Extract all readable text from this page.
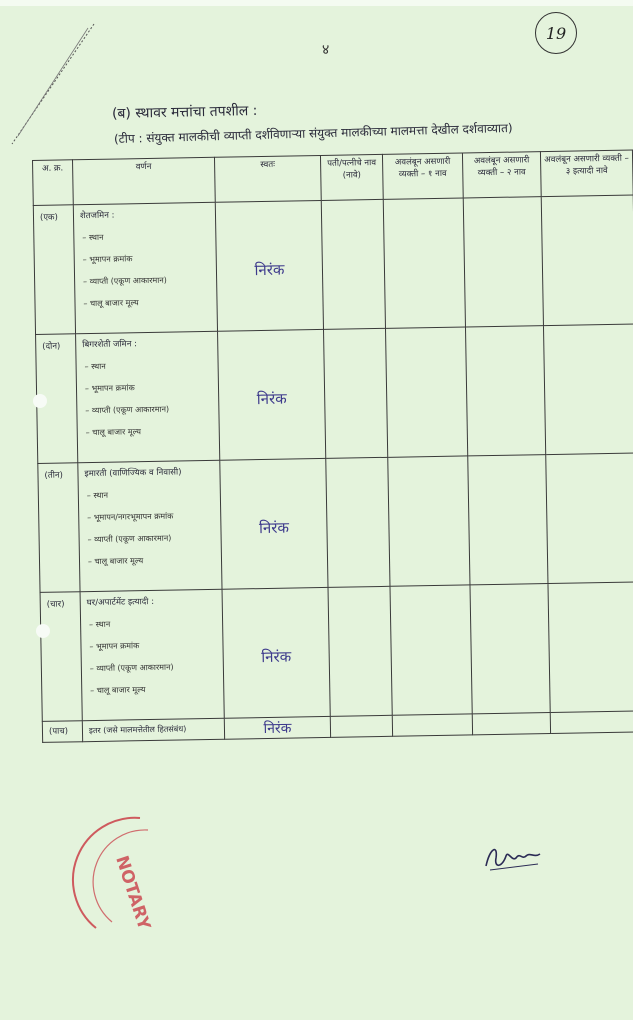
४
19
(ब) स्थावर मत्तांचा तपशील :
(टीप : संयुक्त मालकीची व्याप्ती दर्शविणाऱ्या संयुक्त मालकीच्या मालमत्ता देखील दर्शवाव्यात)
अ. क्र.	वर्णन	स्वतः	पती/पत्नीचे नाव (नावे)	अवलंबून असणारी व्यक्ती – १ नाव	अवलंबून असणारी व्यक्ती – २ नाव	अवलंबून असणारी व्यक्ती – ३ इत्यादी नावे

(एक)	शेतजमिन :
– स्थान
– भूमापन क्रमांक
– व्याप्ती (एकूण आकारमान)
– चालू बाजार मूल्य	निरंक				

(दोन)	बिगरशेती जमिन :
– स्थान
– भूमापन क्रमांक
– व्याप्ती (एकूण आकारमान)
– चालू बाजार मूल्य	निरंक				

(तीन)	इमारती (वाणिज्यिक व निवासी)
– स्थान
– भूमापन/नगरभूमापन क्रमांक
– व्याप्ती (एकूण आकारमान)
– चालू बाजार मूल्य	निरंक				

(चार)	घर/अपार्टमेंट इत्यादी :
– स्थान
– भूमापन क्रमांक
– व्याप्ती (एकूण आकारमान)
– चालू बाजार मूल्य	निरंक				

(पाच)	इतर (जसे मालमत्तेतील हितसंबंध)	निरंक				

NOTARY
